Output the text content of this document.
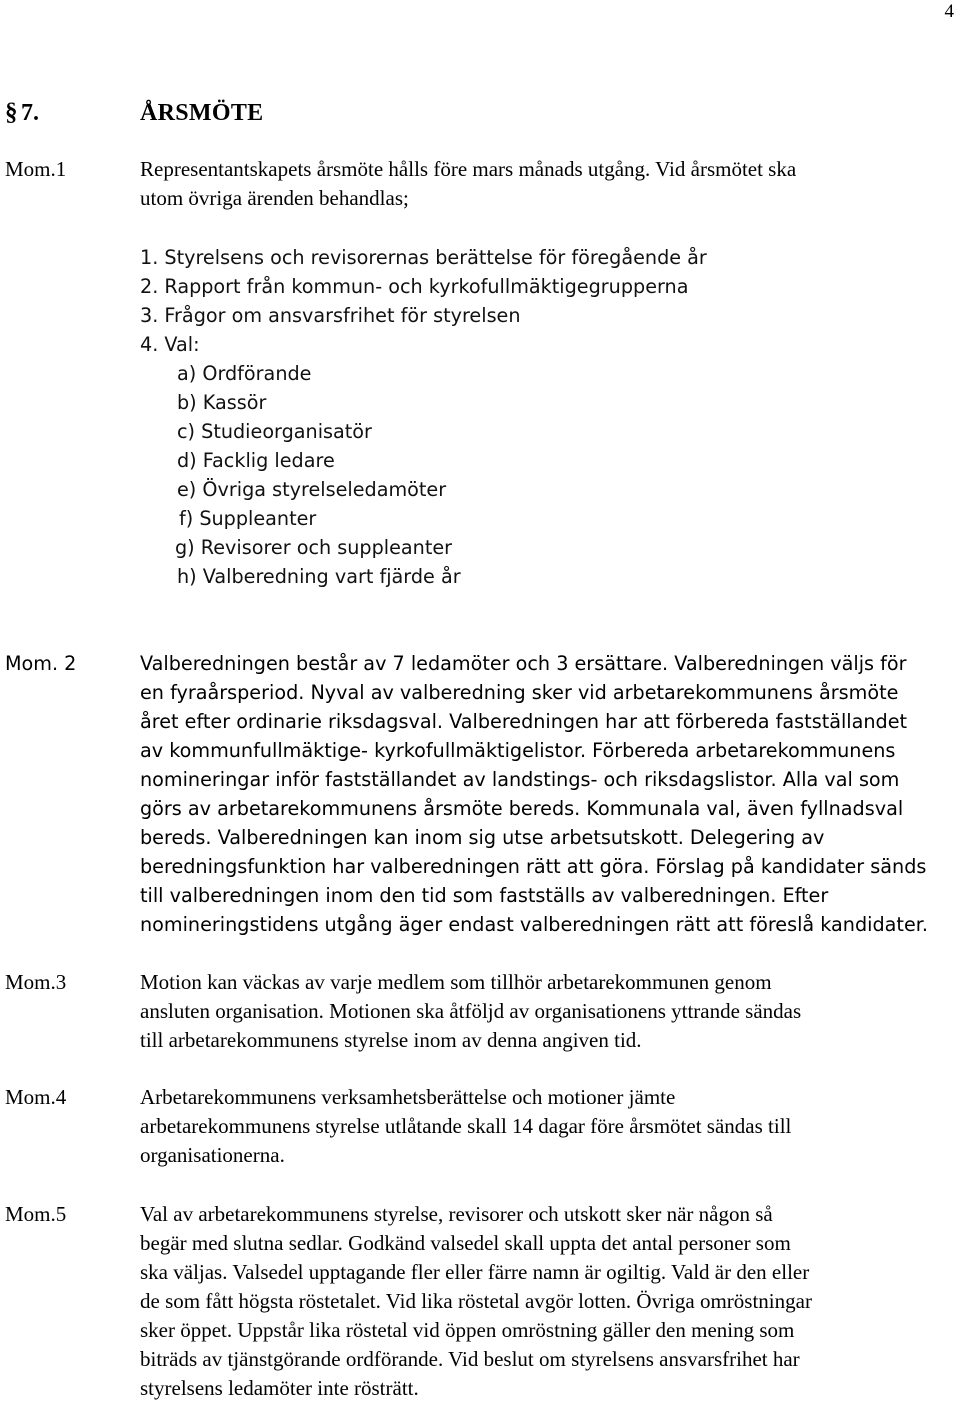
4
§ 7.	ÅRSMÖTE
Mom.1	Representantskapets årsmöte hålls före mars månads utgång. Vid årsmötet ska
utom övriga ärenden behandlas;
1. Styrelsens och revisorernas berättelse för föregående år
2. Rapport från kommun- och kyrkofullmäktigegrupperna
3. Frågor om ansvarsfrihet för styrelsen
4. Val:
a) Ordförande
b) Kassör
c) Studieorganisatör
d) Facklig ledare
e) Övriga styrelseledamöter
f) Suppleanter
g) Revisorer och suppleanter
h) Valberedning vart fjärde år
Mom. 2	Valberedningen består av 7 ledamöter och 3 ersättare. Valberedningen väljs för
en fyraårsperiod. Nyval av valberedning sker vid arbetarekommunens årsmöte
året efter ordinarie riksdagsval. Valberedningen har att förbereda fastställandet
av kommunfullmäktige- kyrkofullmäktigelistor. Förbereda arbetarekommunens
nomineringar inför fastställandet av landstings- och riksdagslistor. Alla val som
görs av arbetarekommunens årsmöte bereds. Kommunala val, även fyllnadsval
bereds. Valberedningen kan inom sig utse arbetsutskott. Delegering av
beredningsfunktion har valberedningen rätt att göra. Förslag på kandidater sänds
till valberedningen inom den tid som fastställs av valberedningen. Efter
nomineringstidens utgång äger endast valberedningen rätt att föreslå kandidater.
Mom.3	Motion kan väckas av varje medlem som tillhör arbetarekommunen genom
ansluten organisation. Motionen ska åtföljd av organisationens yttrande sändas
till arbetarekommunens styrelse inom av denna angiven tid.
Mom.4	Arbetarekommunens verksamhetsberättelse och motioner jämte
arbetarekommunens styrelse utlåtande skall 14 dagar före årsmötet sändas till
organisationerna.
Mom.5	Val av arbetarekommunens styrelse, revisorer och utskott sker när någon så
begär med slutna sedlar. Godkänd valsedel skall uppta det antal personer som
ska väljas. Valsedel upptagande fler eller färre namn är ogiltig. Vald är den eller
de som fått högsta röstetalet. Vid lika röstetal avgör lotten. Övriga omröstningar
sker öppet. Uppstår lika röstetal vid öppen omröstning gäller den mening som
biträds av tjänstgörande ordförande. Vid beslut om styrelsens ansvarsfrihet har
styrelsens ledamöter inte rösträtt.
